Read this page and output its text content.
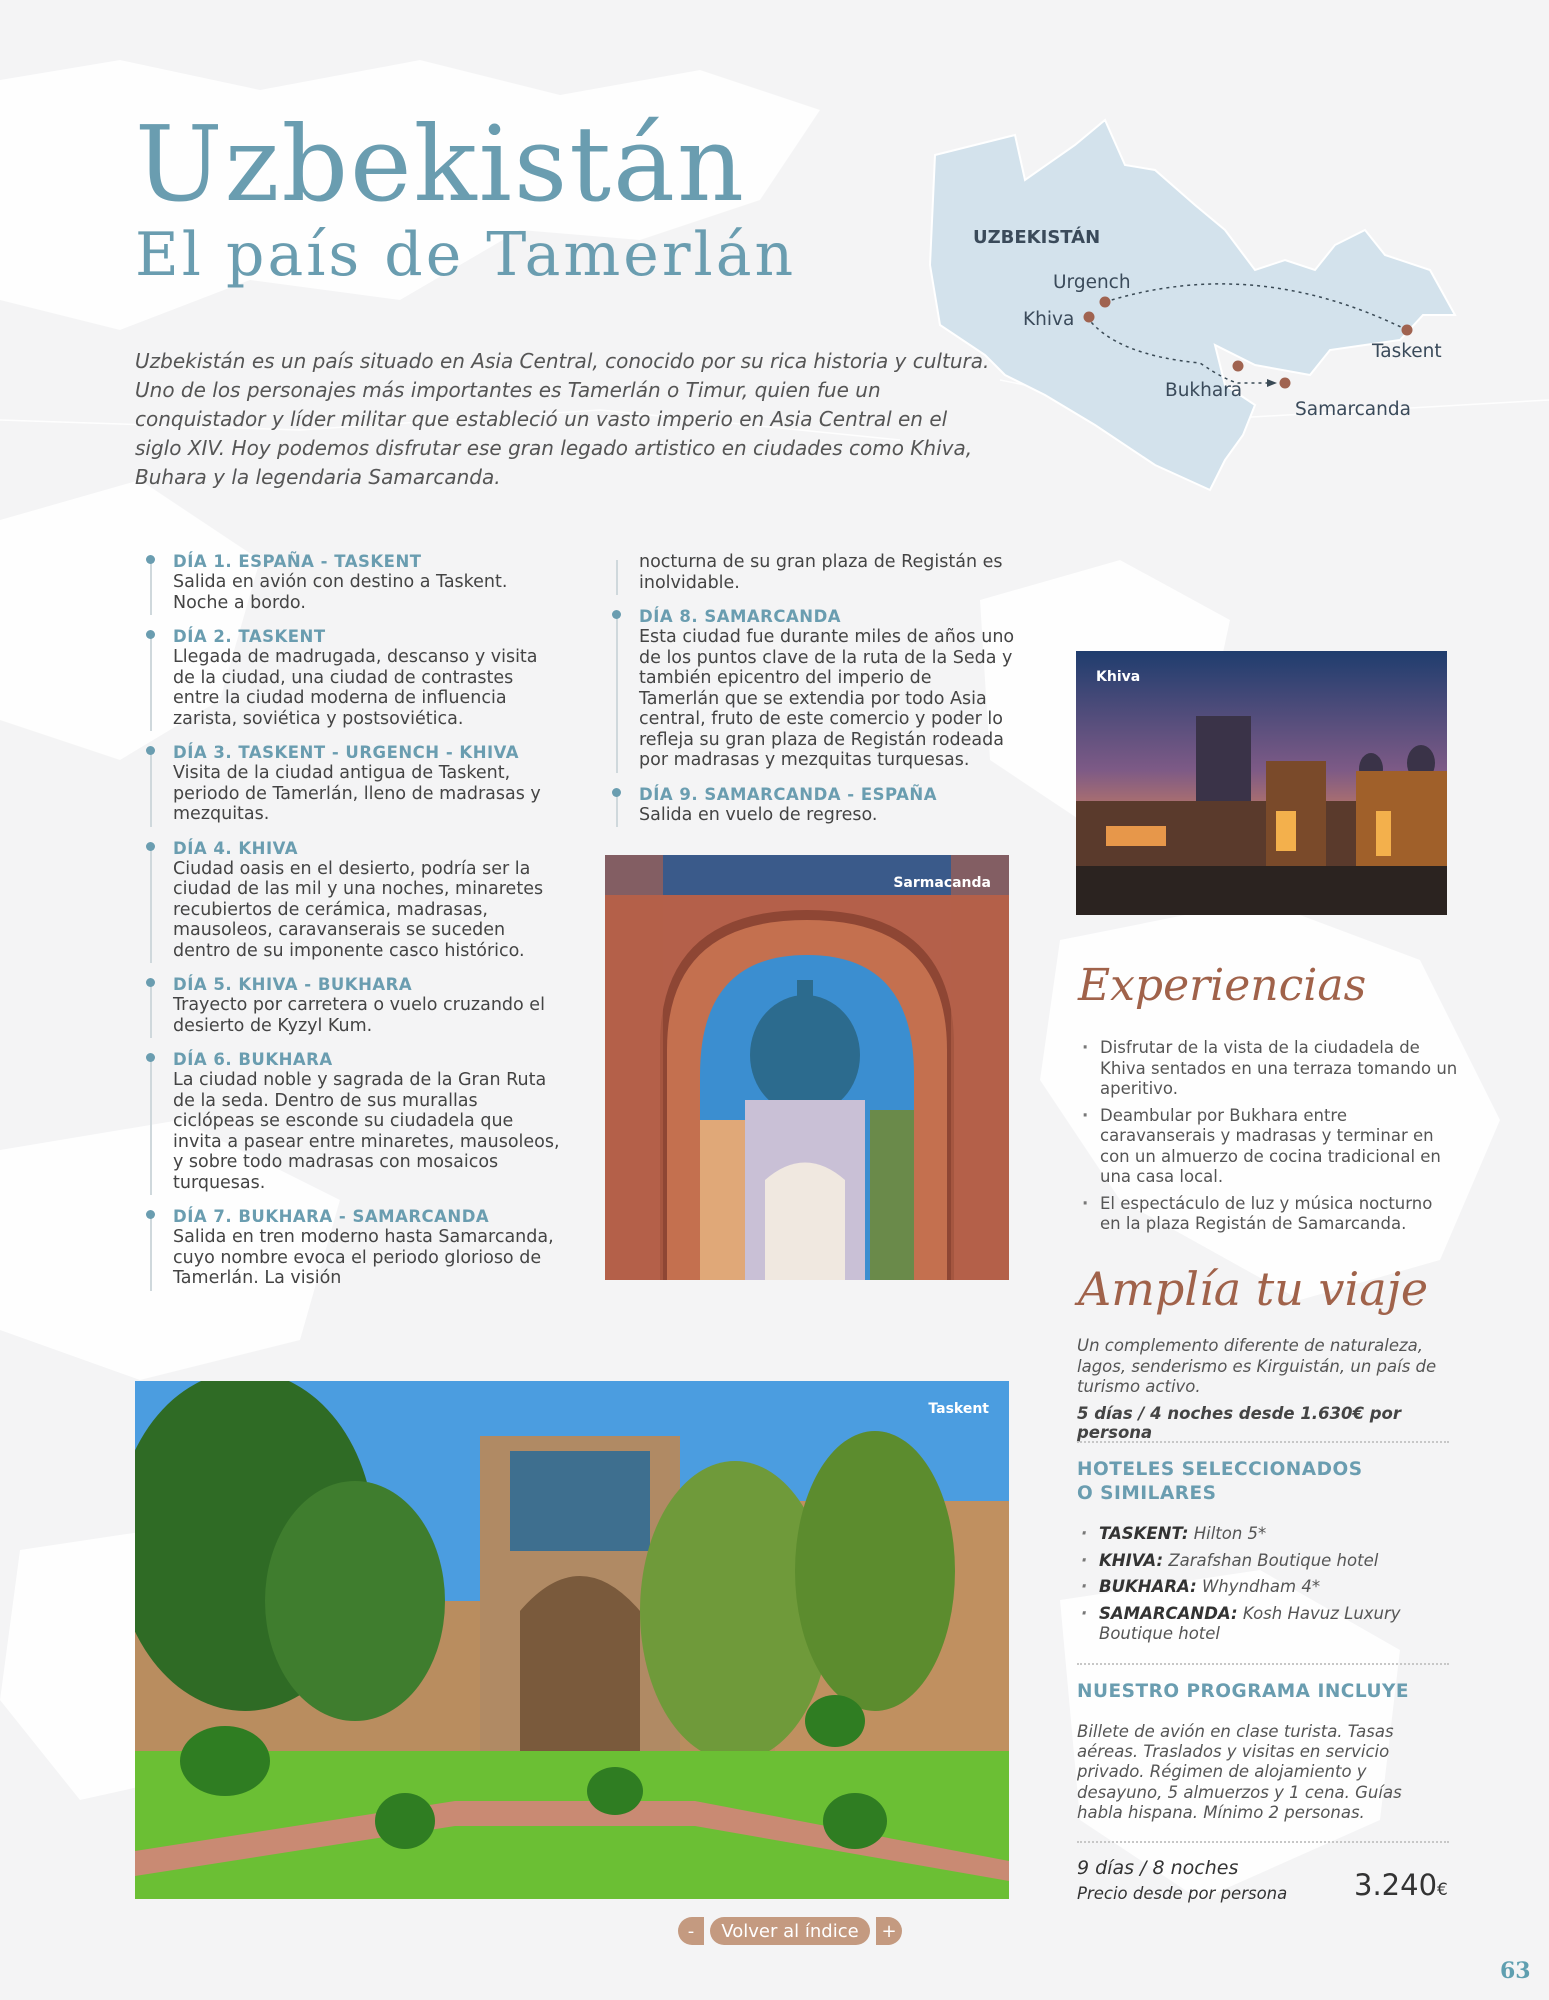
Uzbekistán
El país de Tamerlán	UZBEKISTÁN
Urgench
Khiva
Taskent
Bukhara
Samarcanda

Uzbekistán es un país situado en Asia Central, conocido por su rica historia y cultura. Uno de los personajes más importantes es Tamerlán o Timur, quien fue un conquistador y líder militar que estableció un vasto imperio en Asia Central en el siglo XIV. Hoy podemos disfrutar ese gran legado artistico en ciudades como Khiva, Buhara y la legendaria Samarcanda.

DÍA 1. ESPAÑA - TASKENT
Salida en avión con destino a Taskent. Noche a bordo.
DÍA 2. TASKENT
Llegada de madrugada, descanso y visita de la ciudad, una ciudad de contrastes entre la ciudad moderna de influencia zarista, soviética y postsoviética.
DÍA 3. TASKENT - URGENCH - KHIVA
Visita de la ciudad antigua de Taskent, periodo de Tamerlán, lleno de madrasas y mezquitas.
DÍA 4. KHIVA
Ciudad oasis en el desierto, podría ser la ciudad de las mil y una noches, minaretes recubiertos de cerámica, madrasas, mausoleos, caravanserais se suceden dentro de su imponente casco histórico.
DÍA 5. KHIVA - BUKHARA
Trayecto por carretera o vuelo cruzando el desierto de Kyzyl Kum.
DÍA 6. BUKHARA
La ciudad noble y sagrada de la Gran Ruta de la seda. Dentro de sus murallas ciclópeas se esconde su ciudadela que invita a pasear entre minaretes, mausoleos, y sobre todo madrasas con mosaicos turquesas.
DÍA 7. BUKHARA - SAMARCANDA
Salida en tren moderno hasta Samarcanda, cuyo nombre evoca el periodo glorioso de Tamerlán. La visión
nocturna de su gran plaza de Registán es inolvidable.
DÍA 8. SAMARCANDA
Esta ciudad fue durante miles de años uno de los puntos clave de la ruta de la Seda y también epicentro del imperio de Tamerlán que se extendia por todo Asia central, fruto de este comercio y poder lo refleja su gran plaza de Registán rodeada por madrasas y mezquitas turquesas.
DÍA 9. SAMARCANDA - ESPAÑA
Salida en vuelo de regreso.
Khiva
Sarmacanda
Taskent
Experiencias
· Disfrutar de la vista de la ciudadela de Khiva sentados en una terraza tomando un aperitivo.
· Deambular por Bukhara entre caravanserais y madrasas y terminar en con un almuerzo de cocina tradicional en una casa local.
· El espectáculo de luz y música nocturno en la plaza Registán de Samarcanda.
Amplía tu viaje
Un complemento diferente de naturaleza, lagos, senderismo es Kirguistán, un país de turismo activo.
5 días / 4 noches desde 1.630€ por persona
HOTELES SELECCIONADOS O SIMILARES
· TASKENT: Hilton 5*
· KHIVA: Zarafshan Boutique hotel
· BUKHARA: Whyndham 4*
· SAMARCANDA: Kosh Havuz Luxury Boutique hotel
NUESTRO PROGRAMA INCLUYE
Billete de avión en clase turista. Tasas aéreas. Traslados y visitas en servicio privado. Régimen de alojamiento y desayuno, 5 almuerzos y 1 cena. Guías habla hispana. Mínimo 2 personas.
9 días / 8 noches
Precio desde por persona 3.240€
-	Volver al índice	+
63
